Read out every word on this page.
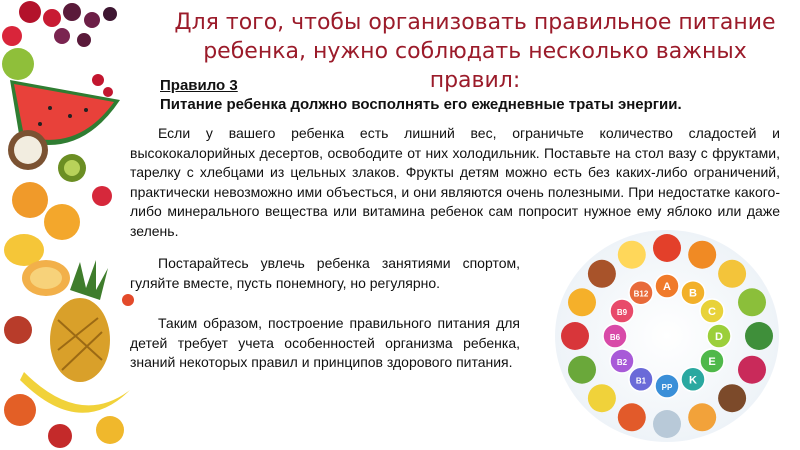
Для того, чтобы организовать правильное питание
ребенка, нужно соблюдать несколько важных правил:
Правило 3
Питание ребенка должно восполнять его ежедневные траты энергии.

Если у вашего ребенка есть лишний вес, ограничьте количество сладостей и высококалорийных десертов, освободите от них холодильник. Поставьте на стол вазу с фруктами, тарелку с хлебцами из цельных злаков. Фрукты детям можно есть без каких-либо ограничений, практически невозможно ими объесться, и они являются очень полезными. При недостатке какого-либо минерального вещества или витамина ребенок сам попросит нужное ему яблоко или даже зелень.

Постарайтесь увлечь ребенка занятиями спортом, гуляйте вместе, пусть понемногу, но регулярно.

Таким образом, построение правильного питания для детей требует учета особенностей организма ребенка, знаний некоторых правил и принципов здорового питания.

A
B
C
D
E
K
PP
B1
B2
B6
B9
B12
